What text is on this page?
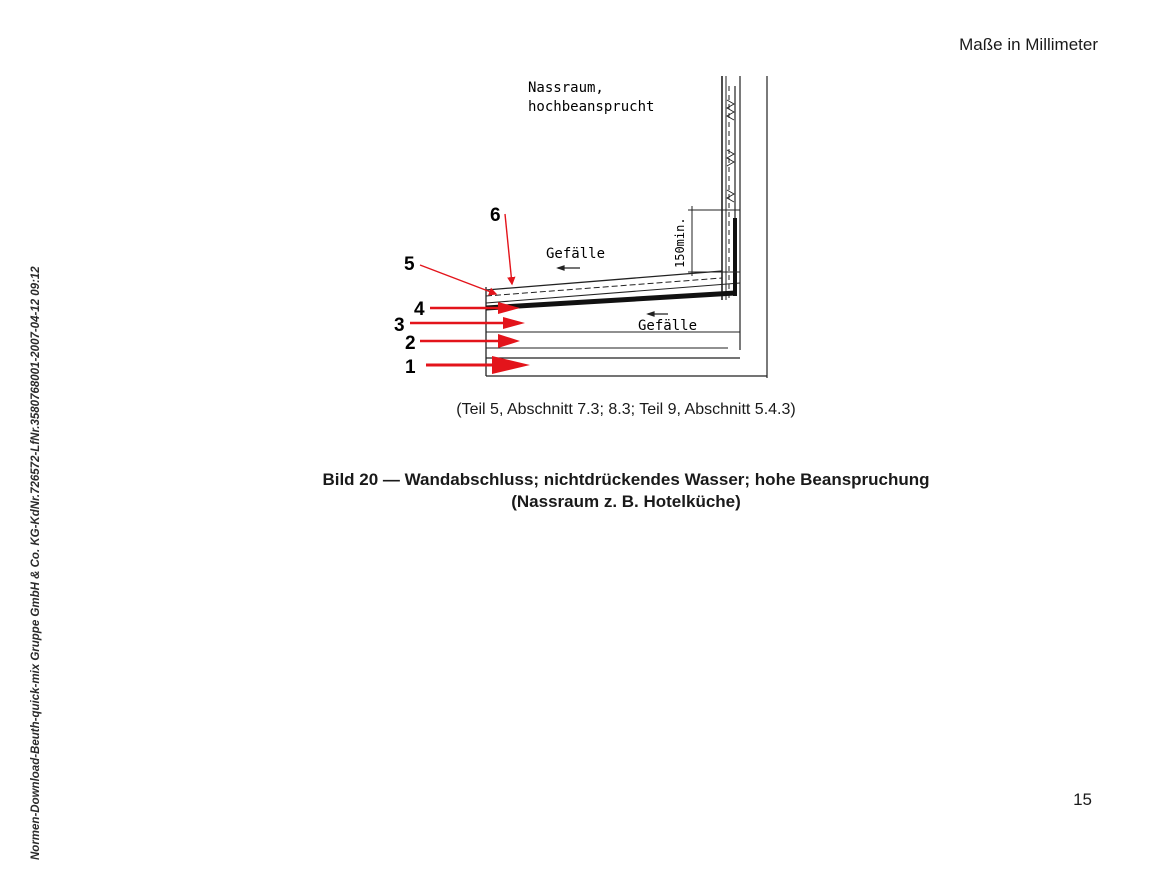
Maße in Millimeter
Normen-Download-Beuth-quick-mix Gruppe GmbH & Co. KG-KdNr.726572-LfNr.3580768001-2007-04-12 09:12
Nassraum,
hochbeansprucht
150min.
Gefälle
Gefälle
1
2
3
4
5
6
(Teil 5, Abschnitt 7.3; 8.3; Teil 9, Abschnitt 5.4.3)
Bild 20 — Wandabschluss; nichtdrückendes Wasser; hohe Beanspruchung
(Nassraum z. B. Hotelküche)
15
